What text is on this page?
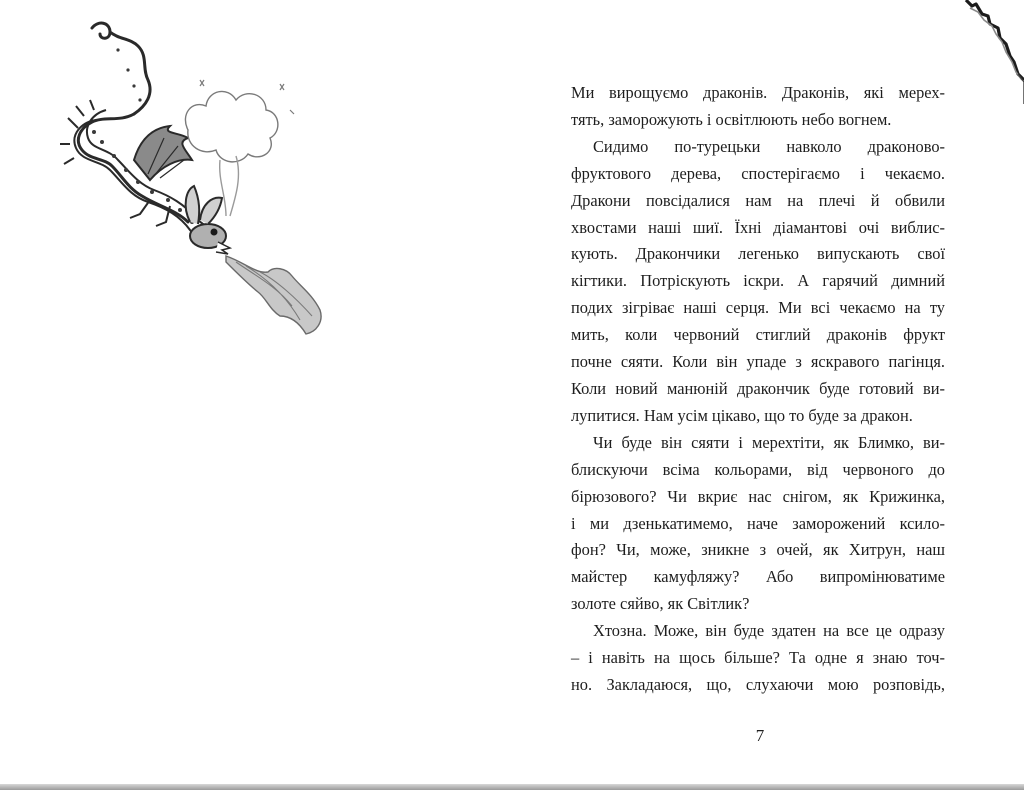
Ми вирощуємо драконів. Драконів, які мерех-
тять, заморожують і освітлюють небо вогнем.
Сидимо по-турецьки навколо драконово-
фруктового дерева, спостерігаємо і чекаємо.
Дракони повсідалися нам на плечі й обвили
хвостами наші шиї. Їхні діамантові очі виблис-
кують. Дракончики легенько випускають свої
кігтики. Потріскують іскри. А гарячий димний
подих зігріває наші серця. Ми всі чекаємо на ту
мить, коли червоний стиглий драконів фрукт
почне сяяти. Коли він упаде з яскравого пагінця.
Коли новий манюній дракончик буде готовий ви-
лупитися. Нам усім цікаво, що то буде за дракон.
Чи буде він сяяти і мерехтіти, як Блимко, ви-
блискуючи всіма кольорами, від червоного до
бірюзового? Чи вкриє нас снігом, як Крижинка,
і ми дзенькатимемо, наче заморожений ксило-
фон? Чи, може, зникне з очей, як Хитрун, наш
майстер камуфляжу? Або випромінюватиме
золоте сяйво, як Світлик?
Хтозна. Може, він буде здатен на все це одразу
– і навіть на щось більше? Та одне я знаю точ-
но. Закладаюся, що, слухаючи мою розповідь,
7
